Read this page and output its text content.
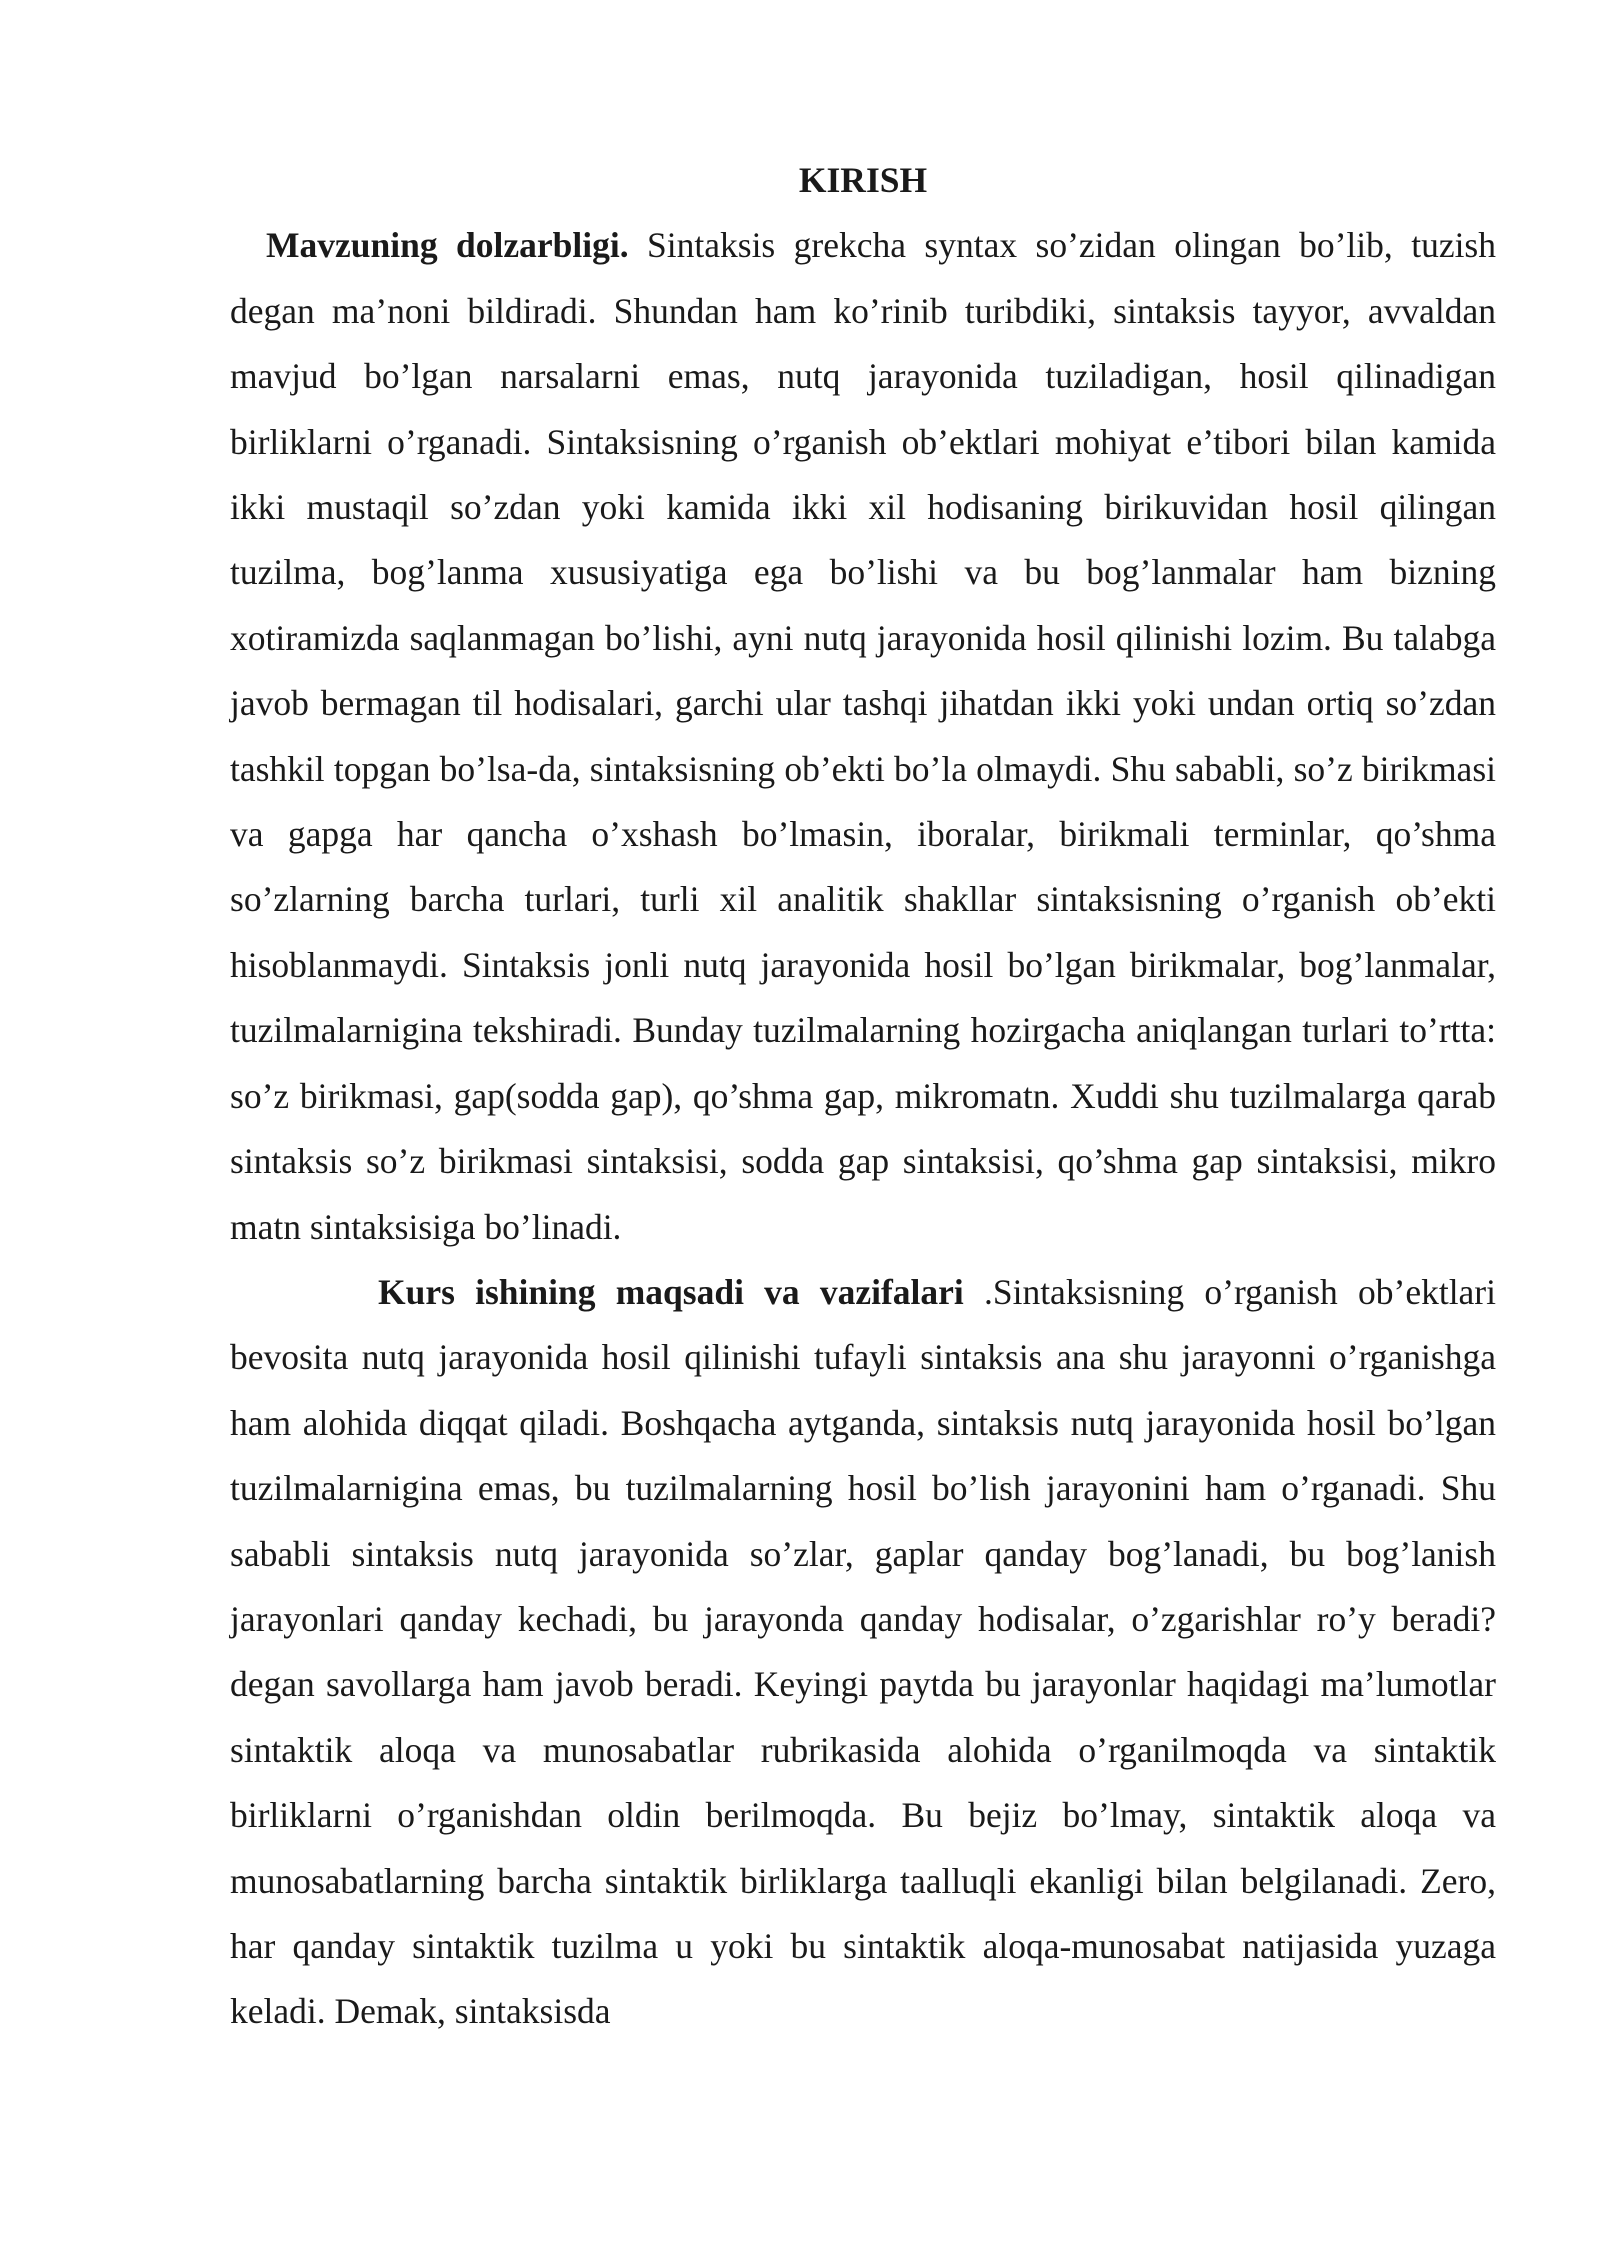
KIRISH

Mavzuning dolzarbligi. Sintaksis grekcha syntax so’zidan olingan bo’lib, tuzish degan ma’noni bildiradi. Shundan ham ko’rinib turibdiki, sintaksis tayyor, avvaldan mavjud bo’lgan narsalarni emas, nutq jarayonida tuziladigan, hosil qilinadigan birliklarni o’rganadi. Sintaksisning o’rganish ob’ektlari mohiyat e’tibori bilan kamida ikki mustaqil so’zdan yoki kamida ikki xil hodisaning birikuvidan hosil qilingan tuzilma, bog’lanma xususiyatiga ega bo’lishi va bu bog’lanmalar ham bizning xotiramizda saqlanmagan bo’lishi, ayni nutq jarayonida hosil qilinishi lozim. Bu talabga javob bermagan til hodisalari, garchi ular tashqi jihatdan ikki yoki undan ortiq so’zdan tashkil topgan bo’lsa-da, sintaksisning ob’ekti bo’la olmaydi. Shu sababli, so’z birikmasi va gapga har qancha o’xshash bo’lmasin, iboralar, birikmali terminlar, qo’shma so’zlarning barcha turlari, turli xil analitik shakllar sintaksisning o’rganish ob’ekti hisoblanmaydi. Sintaksis jonli nutq jarayonida hosil bo’lgan birikmalar, bog’lanmalar, tuzilmalarnigina tekshiradi. Bunday tuzilmalarning hozirgacha aniqlangan turlari to’rtta: so’z birikmasi, gap(sodda gap), qo’shma gap, mikromatn. Xuddi shu tuzilmalarga qarab sintaksis so’z birikmasi sintaksisi, sodda gap sintaksisi, qo’shma gap sintaksisi, mikro matn sintaksisiga bo’linadi.

Kurs ishining maqsadi va vazifalari .Sintaksisning o’rganish ob’ektlari bevosita nutq jarayonida hosil qilinishi tufayli sintaksis ana shu jarayonni o’rganishga ham alohida diqqat qiladi. Boshqacha aytganda, sintaksis nutq jarayonida hosil bo’lgan tuzilmalarnigina emas, bu tuzilmalarning hosil bo’lish jarayonini ham o’rganadi. Shu sababli sintaksis nutq jarayonida so’zlar, gaplar qanday bog’lanadi, bu bog’lanish jarayonlari qanday kechadi, bu jarayonda qanday hodisalar, o’zgarishlar ro’y beradi? degan savollarga ham javob beradi. Keyingi paytda bu jarayonlar haqidagi ma’lumotlar sintaktik aloqa va munosabatlar rubrikasida alohida o’rganilmoqda va sintaktik birliklarni o’rganishdan oldin berilmoqda. Bu bejiz bo’lmay, sintaktik aloqa va munosabatlarning barcha sintaktik birliklarga taalluqli ekanligi bilan belgilanadi. Zero, har qanday sintaktik tuzilma u yoki bu sintaktik aloqa-munosabat natijasida yuzaga keladi. Demak, sintaksisda
